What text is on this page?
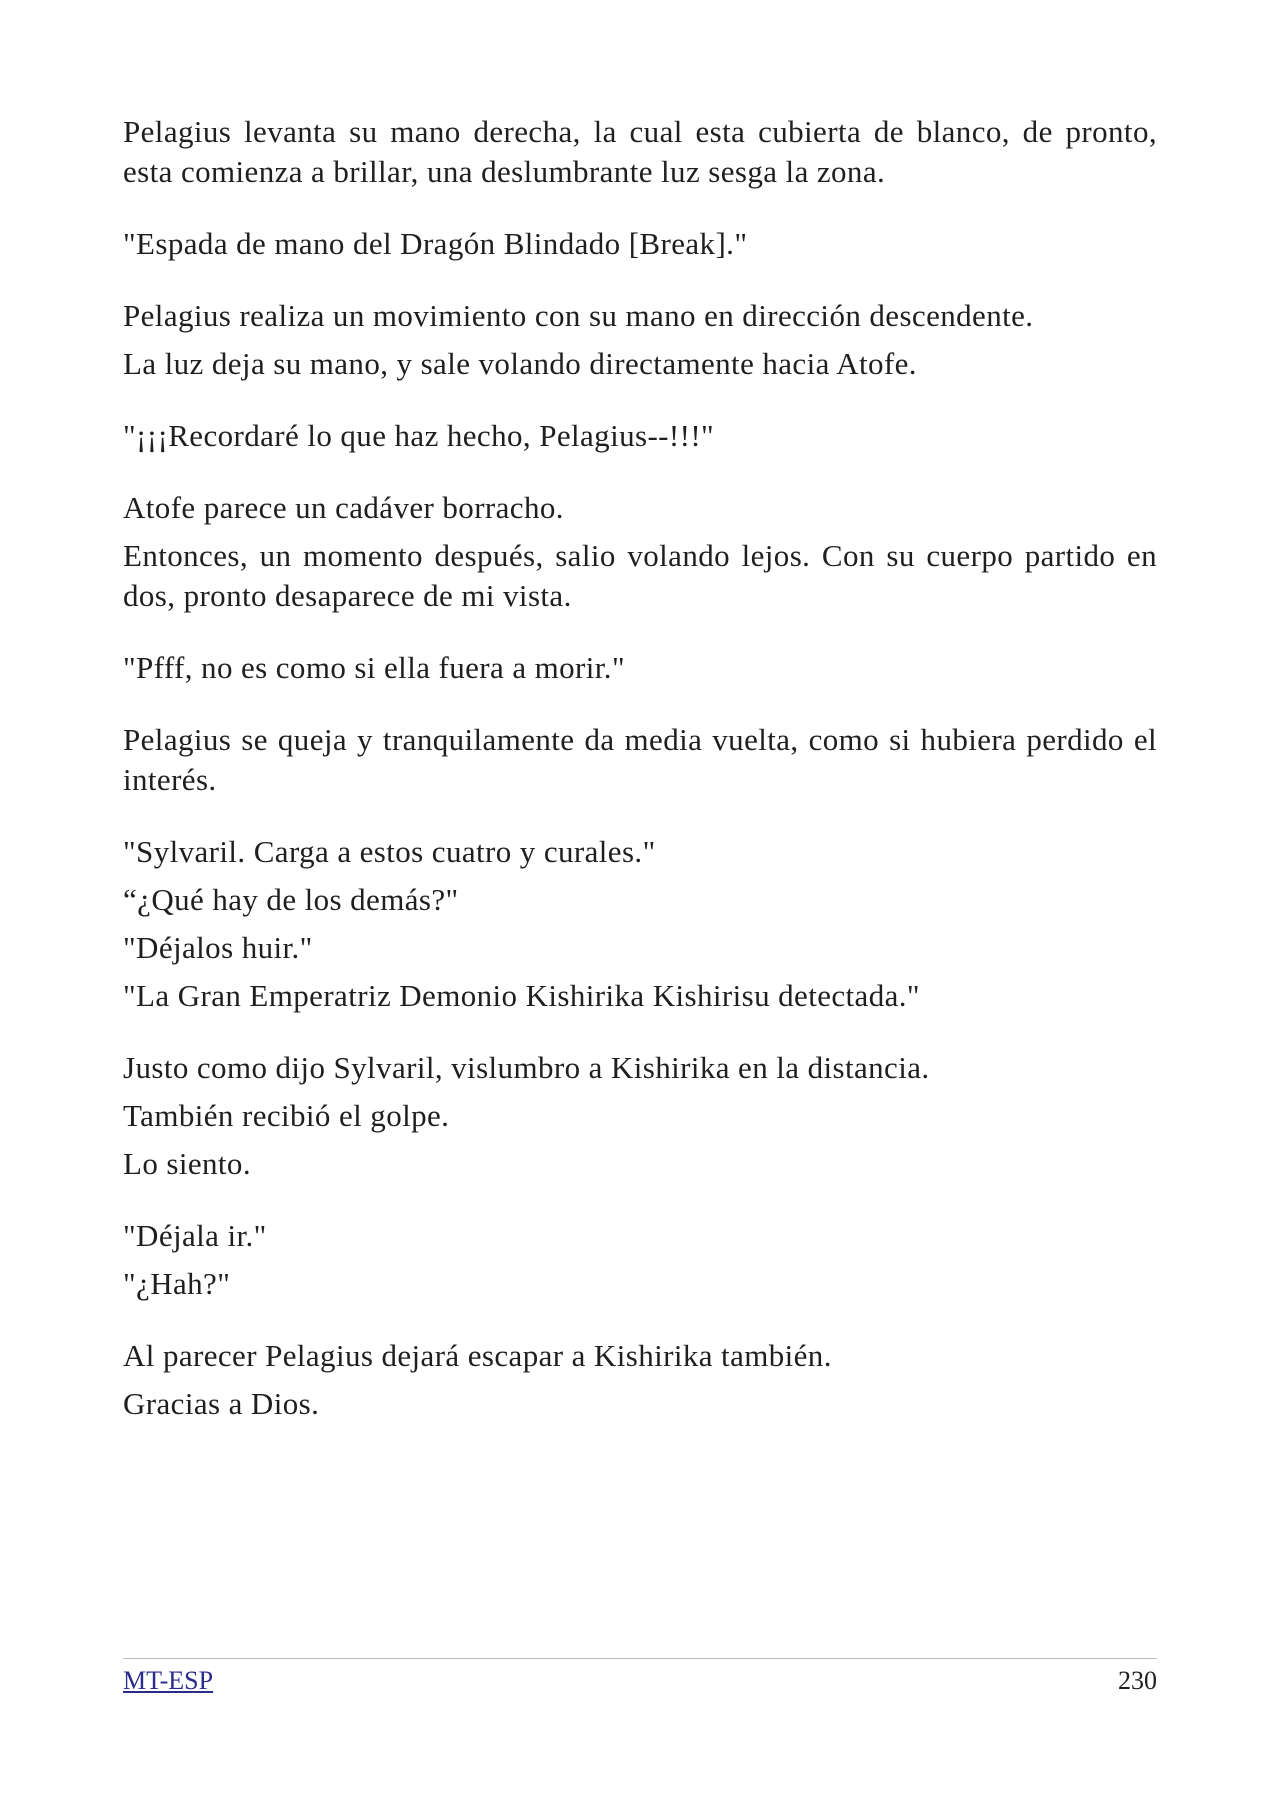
Pelagius levanta su mano derecha, la cual esta cubierta de blanco, de pronto, esta comienza a brillar, una deslumbrante luz sesga la zona.

"Espada de mano del Dragón Blindado [Break]."

Pelagius realiza un movimiento con su mano en dirección descendente.

La luz deja su mano, y sale volando directamente hacia Atofe.

"¡¡¡Recordaré lo que haz hecho, Pelagius--!!!"

Atofe parece un cadáver borracho.

Entonces, un momento después, salio volando lejos. Con su cuerpo partido en dos, pronto desaparece de mi vista.

"Pfff, no es como si ella fuera a morir."

Pelagius se queja y tranquilamente da media vuelta, como si hubiera perdido el interés.

"Sylvaril. Carga a estos cuatro y curales."

“¿Qué hay de los demás?"

"Déjalos huir."

"La Gran Emperatriz Demonio Kishirika Kishirisu detectada."

Justo como dijo Sylvaril, vislumbro a Kishirika en la distancia.

También recibió el golpe.

Lo siento.

"Déjala ir."

"¿Hah?"

Al parecer Pelagius dejará escapar a Kishirika también.

Gracias a Dios.

MT-ESP	230
